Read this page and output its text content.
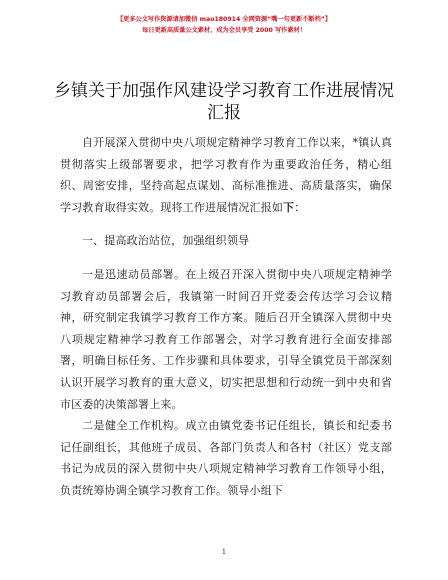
【更多公文写作资源请加微信 mao180914 全网资源“嘴一句更新不断档”】
每日更新高质量公文素材，成为会员享受 2000 写作素材！
乡镇关于加强作风建设学习教育工作进展情况
汇报

自开展深入贯彻中央八项规定精神学习教育工作以来，*镇认真贯彻落实上级部署要求，把学习教育作为重要政治任务，精心组织、周密安排，坚持高起点谋划、高标准推进、高质量落实，确保学习教育取得实效。现将工作进展情况汇报如下：

一、提高政治站位，加强组织领导

一是迅速动员部署。在上级召开深入贯彻中央八项规定精神学习教育动员部署会后，我镇第一时间召开党委会传达学习会议精神，研究制定我镇学习教育工作方案。随后召开全镇深入贯彻中央八项规定精神学习教育工作部署会，对学习教育进行全面安排部署，明确目标任务、工作步骤和具体要求，引导全镇党员干部深刻认识开展学习教育的重大意义，切实把思想和行动统一到中央和省市区委的决策部署上来。

二是健全工作机构。成立由镇党委书记任组长，镇长和纪委书记任副组长，其他班子成员、各部门负责人和各村（社区）党支部书记为成员的深入贯彻中央八项规定精神学习教育工作领导小组，负责统筹协调全镇学习教育工作。领导小组下

1
